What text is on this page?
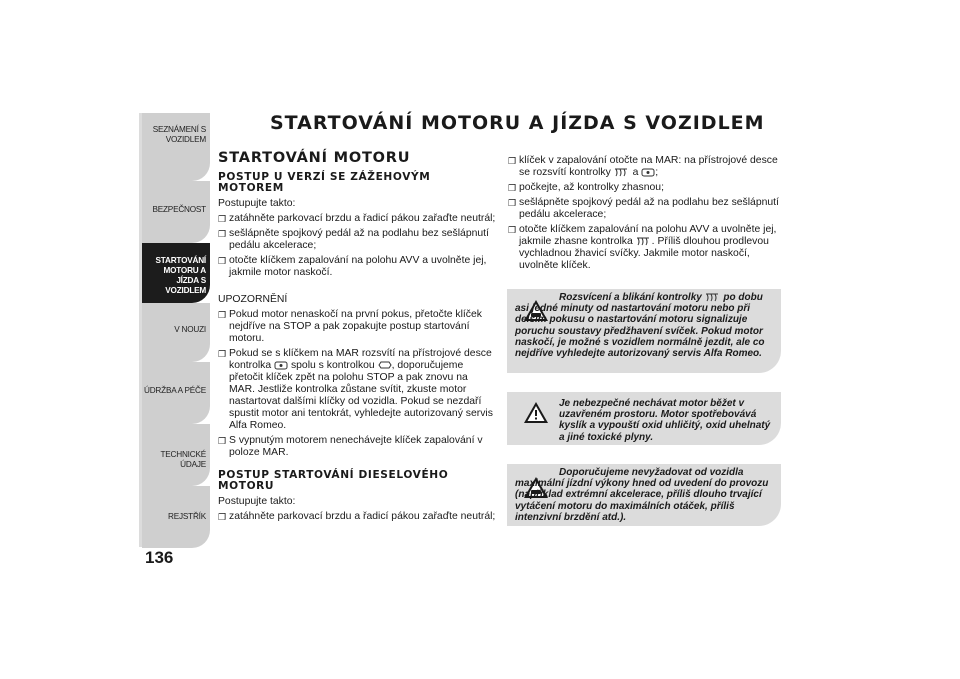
SEZNÁMENÍ S VOZIDLEM
BEZPEČNOST
STARTOVÁNÍ MOTORU A JÍZDA S VOZIDLEM
V NOUZI
ÚDRŽBA A PÉČE
TECHNICKÉ ÚDAJE
REJSTŘÍK
136
STARTOVÁNÍ MOTORU A JÍZDA S VOZIDLEM
STARTOVÁNÍ MOTORU
POSTUP U VERZÍ SE ZÁŽEHOVÝM
MOTOREM
Postupujte takto:
❒ zatáhněte parkovací brzdu a řadicí pákou zařaďte neutrál;
❒ sešlápněte spojkový pedál až na podlahu bez sešlápnutí pedálu akcelerace;
❒ otočte klíčkem zapalování na polohu AVV a uvolněte jej, jakmile motor naskočí.
UPOZORNĚNÍ
❒ Pokud motor nenaskočí na první pokus, přetočte klíček nejdříve na STOP a pak zopakujte postup startování motoru.
❒ Pokud se s klíčkem na MAR rozsvítí na přístrojové desce kontrolka spolu s kontrolkou , doporučujeme přetočit klíček zpět na polohu STOP a pak znovu na MAR. Jestliže kontrolka zůstane svítit, zkuste motor nastartovat dalšími klíčky od vozidla. Pokud se nezdaří spustit motor ani tentokrát, vyhledejte autorizovaný servis Alfa Romeo.
❒ S vypnutým motorem nenechávejte klíček zapalování v poloze MAR.
POSTUP STARTOVÁNÍ DIESELOVÉHO
MOTORU
Postupujte takto:
❒ zatáhněte parkovací brzdu a řadicí pákou zařaďte neutrál;
❒ klíček v zapalování otočte na MAR: na přístrojové desce se rozsvítí kontrolky a ;
❒ počkejte, až kontrolky zhasnou;
❒ sešlápněte spojkový pedál až na podlahu bez sešlápnutí pedálu akcelerace;
❒ otočte klíčkem zapalování na polohu AVV a uvolněte jej, jakmile zhasne kontrolka . Příliš dlouhou prodlevou vychladnou žhavicí svíčky. Jakmile motor naskočí, uvolněte klíček.
Rozsvícení a blikání kontrolky po dobu asi jedné minuty od nastartování motoru nebo při delším pokusu o nastartování motoru signalizuje poruchu soustavy předžhavení svíček. Pokud motor naskočí, je možné s vozidlem normálně jezdit, ale co nejdříve vyhledejte autorizovaný servis Alfa Romeo.
Je nebezpečné nechávat motor běžet v uzavřeném prostoru. Motor spotřebovává kyslík a vypouští oxid uhličitý, oxid uhelnatý a jiné toxické plyny.
Doporučujeme nevyžadovat od vozidla maximální jízdní výkony hned od uvedení do provozu (například extrémní akcelerace, příliš dlouho trvající vytáčení motoru do maximálních otáček, příliš intenzivní brzdění atd.).
